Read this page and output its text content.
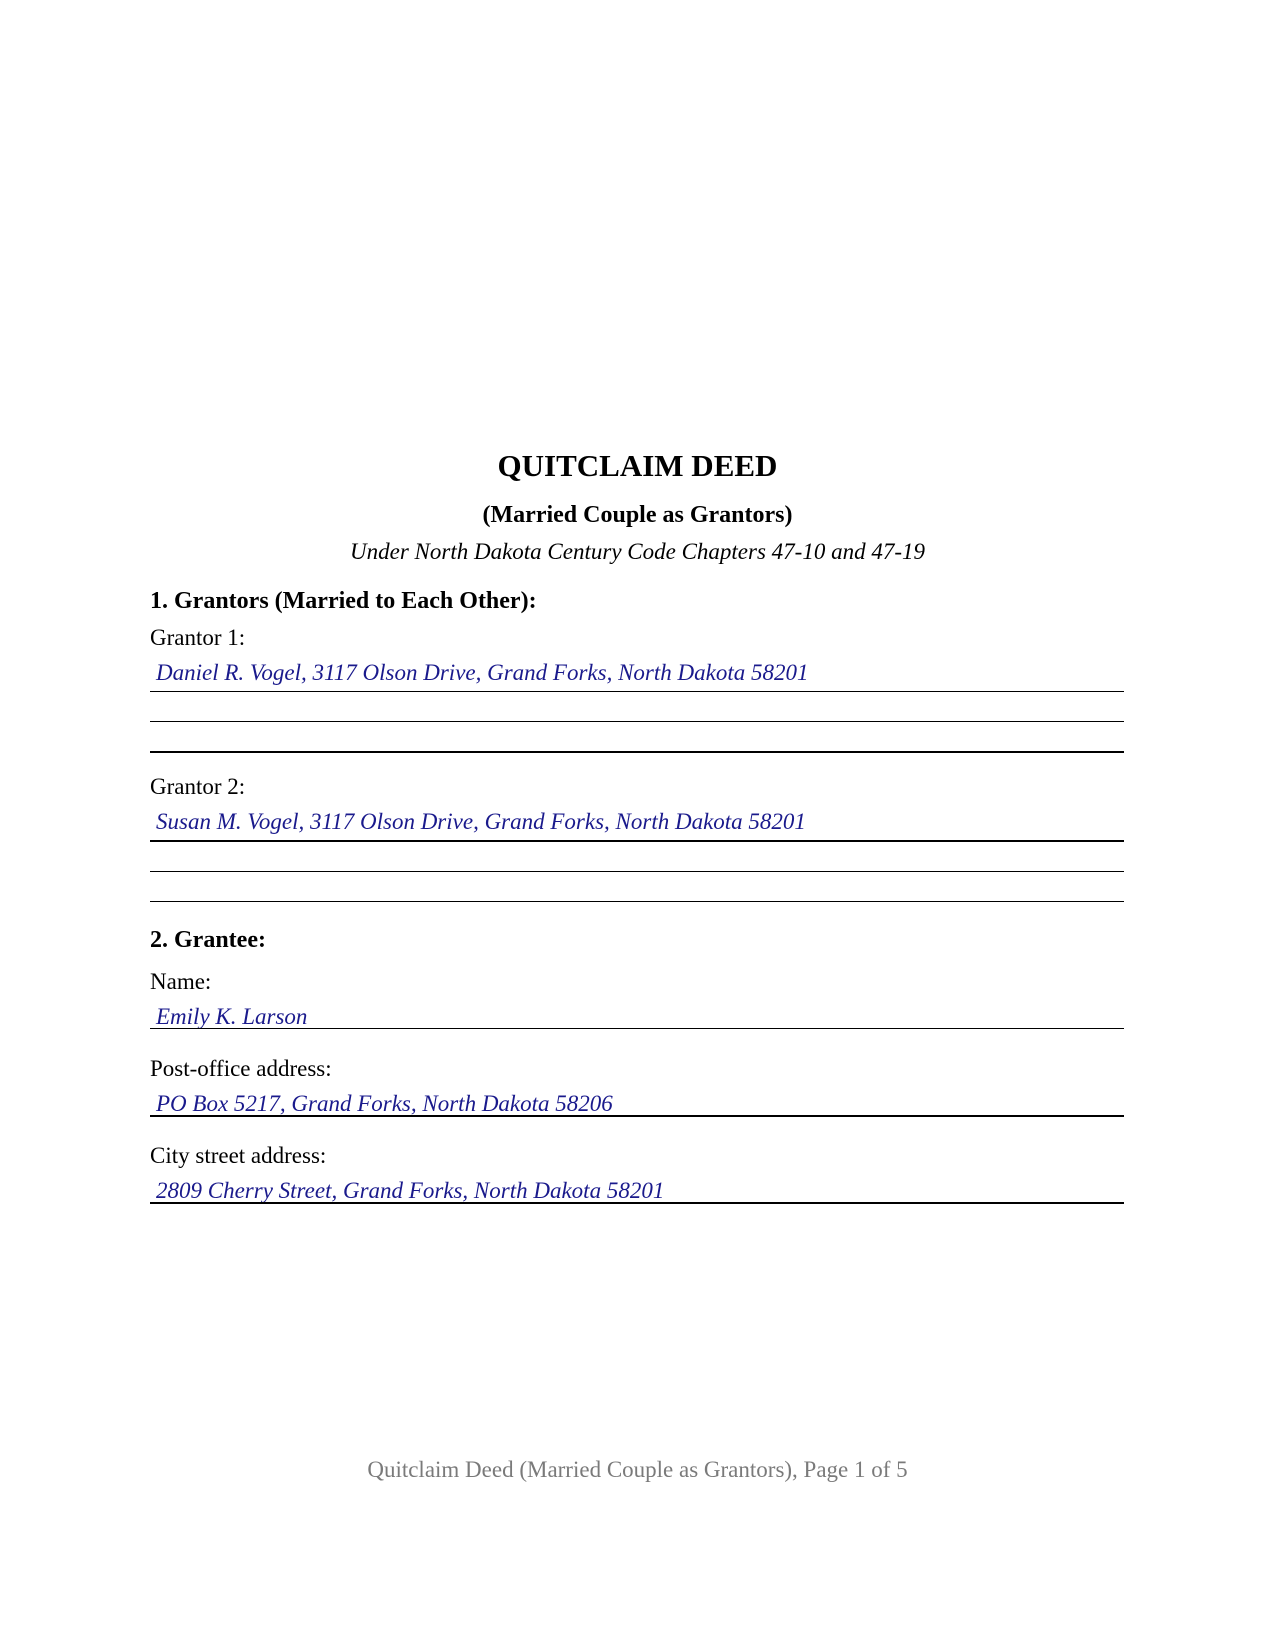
QUITCLAIM DEED
(Married Couple as Grantors)
Under North Dakota Century Code Chapters 47-10 and 47-19
1. Grantors (Married to Each Other):
Grantor 1:
Daniel R. Vogel, 3117 Olson Drive, Grand Forks, North Dakota 58201
Grantor 2:
Susan M. Vogel, 3117 Olson Drive, Grand Forks, North Dakota 58201
2. Grantee:
Name:
Emily K. Larson
Post-office address:
PO Box 5217, Grand Forks, North Dakota 58206
City street address:
2809 Cherry Street, Grand Forks, North Dakota 58201
Quitclaim Deed (Married Couple as Grantors), Page 1 of 5
